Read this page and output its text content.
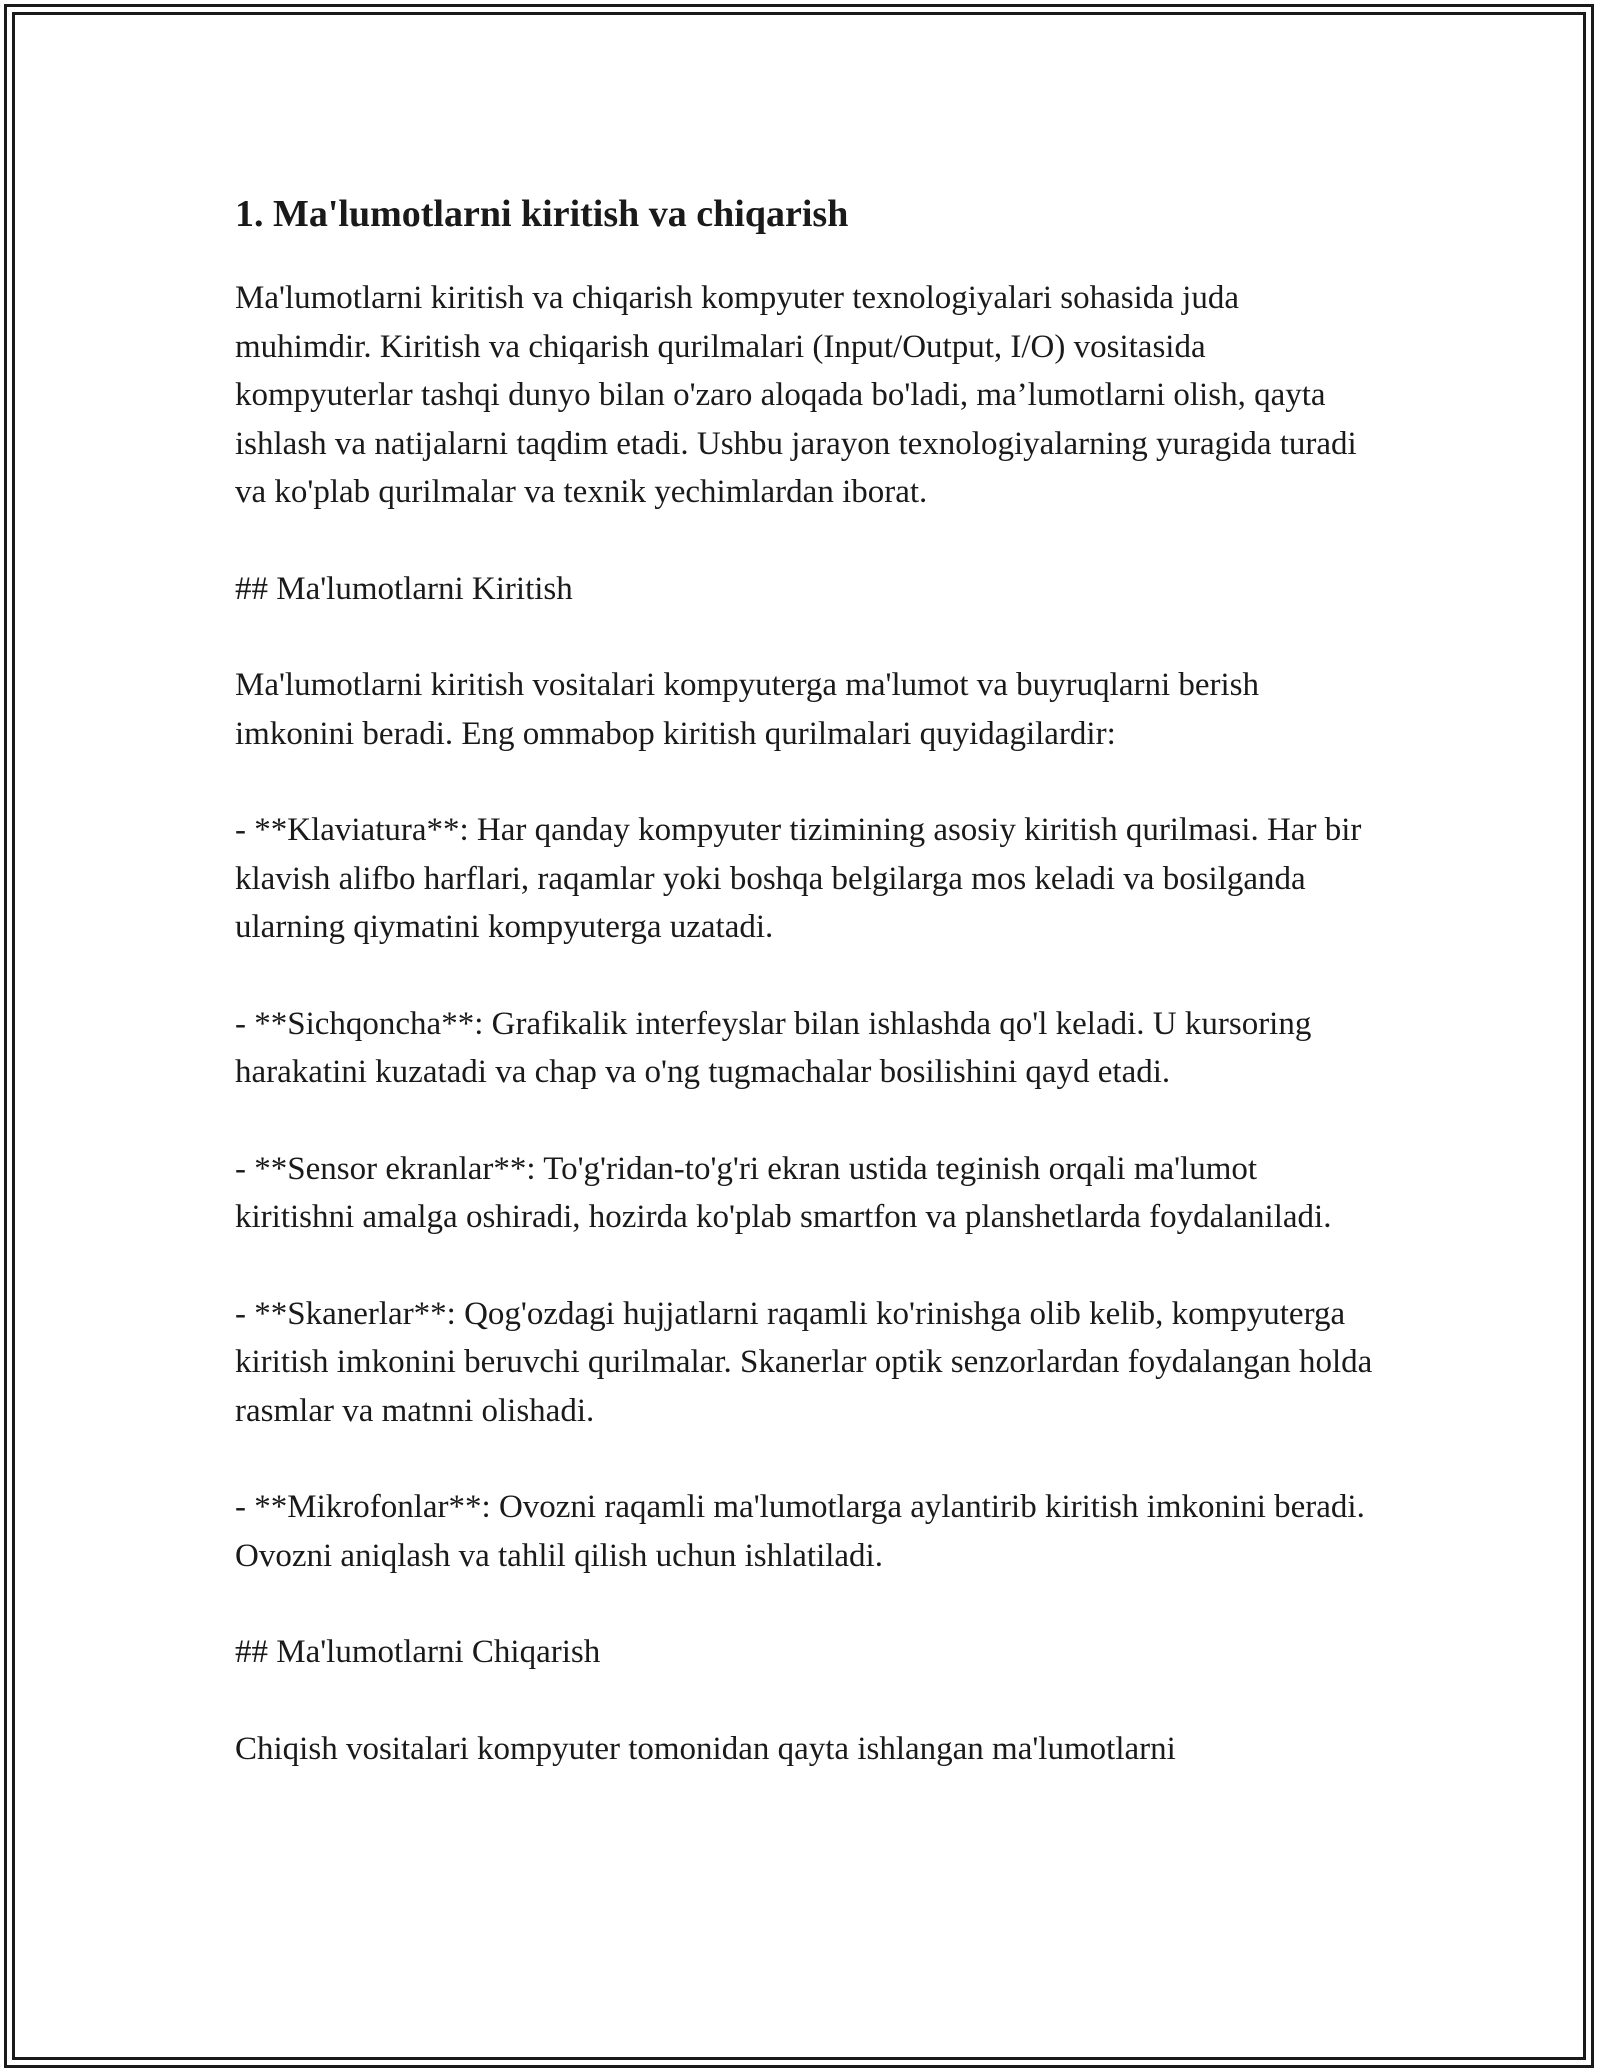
1. Ma'lumotlarni kiritish va chiqarish

Ma'lumotlarni kiritish va chiqarish kompyuter texnologiyalari sohasida juda muhimdir. Kiritish va chiqarish qurilmalari (Input/Output, I/O) vositasida kompyuterlar tashqi dunyo bilan o'zaro aloqada bo'ladi, ma’lumotlarni olish, qayta ishlash va natijalarni taqdim etadi. Ushbu jarayon texnologiyalarning yuragida turadi va ko'plab qurilmalar va texnik yechimlardan iborat.

## Ma'lumotlarni Kiritish

Ma'lumotlarni kiritish vositalari kompyuterga ma'lumot va buyruqlarni berish imkonini beradi. Eng ommabop kiritish qurilmalari quyidagilardir:

- **Klaviatura**: Har qanday kompyuter tizimining asosiy kiritish qurilmasi. Har bir klavish alifbo harflari, raqamlar yoki boshqa belgilarga mos keladi va bosilganda ularning qiymatini kompyuterga uzatadi.

- **Sichqoncha**: Grafikalik interfeyslar bilan ishlashda qo'l keladi. U kursoring harakatini kuzatadi va chap va o'ng tugmachalar bosilishini qayd etadi.

- **Sensor ekranlar**: To'g'ridan-to'g'ri ekran ustida teginish orqali ma'lumot kiritishni amalga oshiradi, hozirda ko'plab smartfon va planshetlarda foydalaniladi.

- **Skanerlar**: Qog'ozdagi hujjatlarni raqamli ko'rinishga olib kelib, kompyuterga kiritish imkonini beruvchi qurilmalar. Skanerlar optik senzorlardan foydalangan holda rasmlar va matnni olishadi.

- **Mikrofonlar**: Ovozni raqamli ma'lumotlarga aylantirib kiritish imkonini beradi. Ovozni aniqlash va tahlil qilish uchun ishlatiladi.

## Ma'lumotlarni Chiqarish

Chiqish vositalari kompyuter tomonidan qayta ishlangan ma'lumotlarni
